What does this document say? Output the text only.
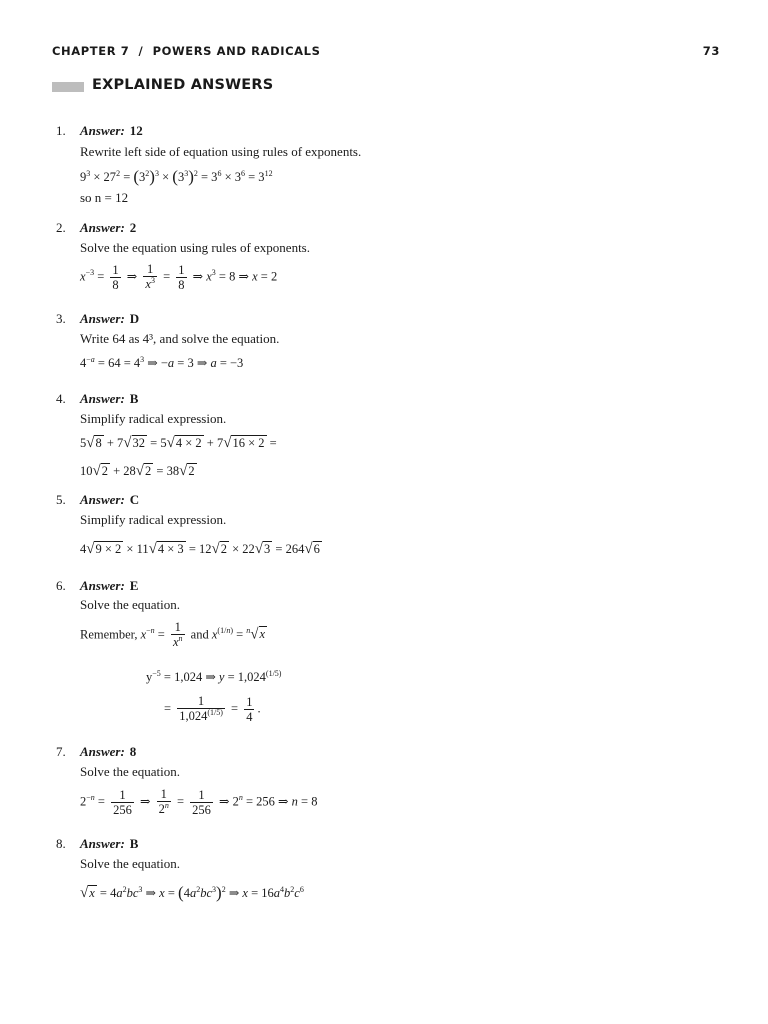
CHAPTER 7  /  POWERS AND RADICALS	73
EXPLAINED ANSWERS
1. Answer: 12
Rewrite left side of equation using rules of exponents.
$9^3 \times 27^2 = (3^2)^3 \times (3^3)^2 = 3^6 \times 3^6 = 3^{12}$
so n = 12
2. Answer: 2
Solve the equation using rules of exponents.
$x^{-3} = \frac{1}{8}$ ⇒ $\frac{1}{x^3} = \frac{1}{8}$ ⇒ $x^3 = 8$ ⇒ x = 2
3. Answer: D
Write 64 as 4³, and solve the equation.
$4^{-a} = 64 = 4^3$ ⇒ −a = 3 ⇒ a = −3
4. Answer: B
Simplify radical expression.
5√8 + 7√32 = 5√4 × 2 + 7√16 × 2 =
10√2 + 28√2 = 38√2
5. Answer: C
Simplify radical expression.
4√9 × 2 × 11√4 × 3 = 12√2 × 22√3 = 264√6
6. Answer: E
Solve the equation.
Remember, $x^{-n} = \frac{1}{x^n}$ and $x^{(1/n)} = ^n√x$
$y^{-5} = 1,024$ ⇒ $y = 1,024^{(1/5)}$
= $\frac{1}{1,024^{(1/5)}} = \frac{1}{4}$ .
7. Answer: 8
Solve the equation.
$2^{-n} = \frac{1}{256}$ ⇒ $\frac{1}{2^n} = \frac{1}{256}$ ⇒ $2^n = 256$ ⇒ n = 8
8. Answer: B
Solve the equation.
$√x = 4a^2bc^3$ ⇒ $x = (4a^2bc^3)^2$ ⇒ $x = 16a^4b^2c^6$
